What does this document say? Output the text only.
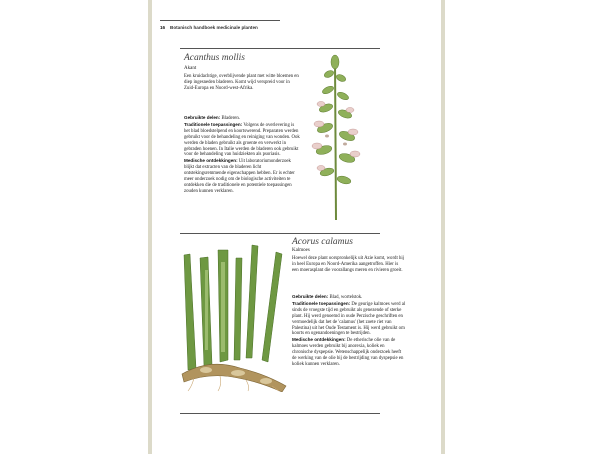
16 Botanisch handboek medicinale planten
Acanthus mollis
Akant
Een kruidachtige, overblijvende plant met witte bloemen en diep ingesneden bladeren. Komt wijd verspreid voor in Zuid-Europa en Noord-west-Afrika.
Gebruikte delen: Bladeren.
Traditionele toepassingen: Volgens de overlevering is het blad bloedstelpend en koortswerend. Preparaten werden gebruikt voor de behandeling en reiniging van wonden. Ook werden de bladen gebruikt als groente en verwerkt in gebraden hoenen. In Italie werden de bladeren ook gebruikt voor de behandeling van huidziekten als psoriasis.
Medische ontdekkingen: Uit laboratoriumonderzoek blijkt dat extracten van de bladeren licht ontstekingsremmende eigenschappen hebben. Er is echter meer onderzoek nodig om de biologische activiteiten te ontdekken die de traditionele en potentiele toepassingen zouden kunnen verklaren.
Acorus calamus
Kalmoes
Hoewel deze plant oorspronkelijk uit Azie komt, wordt hij in heel Europa en Noord-Amerika aangetroffen. Hier is een moerasplant die voorallangs meren en rivieren groeit.
Gebruikte delen: Blad, wortelstok.
Traditionele toepassingen: De geurige kalmoes werd al sinds de vroegste tijd en gebruikt als genezende of sterke plant. Hij werd genoemd in oude Perzische geschriften en vermoedelijk dat het de 'calamus' (het zoete riet van Palestina) uit het Oude Testament is. Hij werd gebruikt om koorts en ogenandoeningen te bestrijden.
Medische ontdekkingen: De etherische olie van de kalmoes werden gebruikt bij anorexia, koliek en chronische dyspepsie. Wetenschappelijk onderzoek heeft de werking van de olie bij de bestrijding van dyspepsie en koliek kunnen verklaren.
